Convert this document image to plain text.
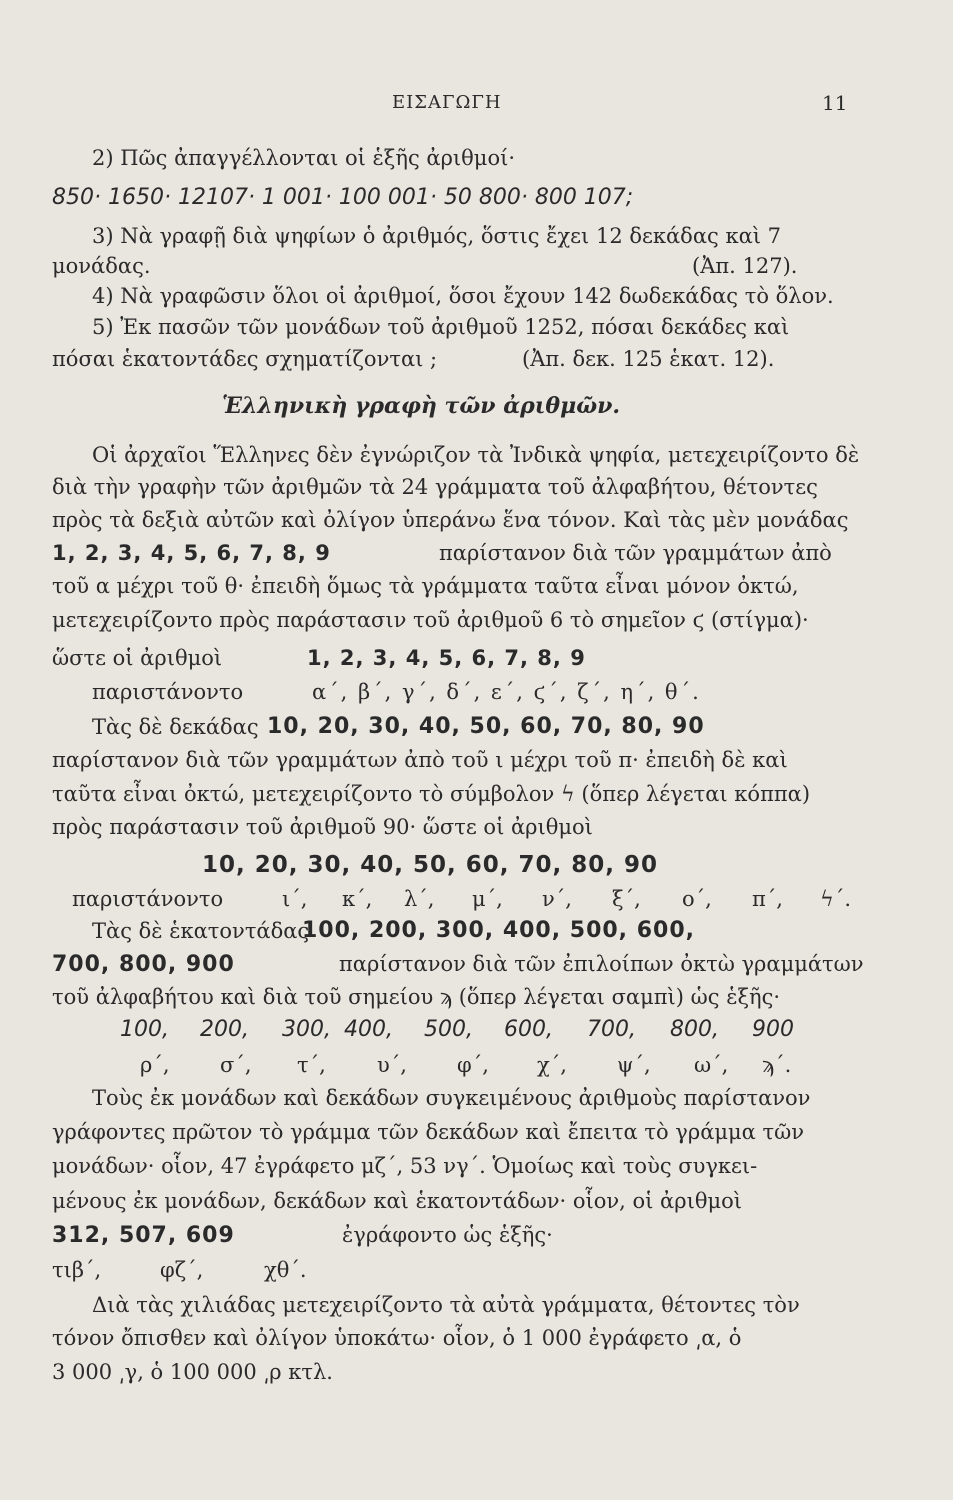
ΕΙΣΑΓΩΓΗ	11
2) Πῶς ἀπαγγέλλονται οἱ ἑξῆς ἀριθμοί·
850· 1650· 12107· 1 001· 100 001· 50 800· 800 107;
3) Νὰ γραφῇ διὰ ψηφίων ὁ ἀριθμός, ὅστις ἔχει 12 δεκάδας καὶ 7
μονάδας.	(Ἀπ. 127).
4) Νὰ γραφῶσιν ὅλοι οἱ ἀριθμοί, ὅσοι ἔχουν 142 δωδεκάδας τὸ ὅλον.
5) Ἐκ πασῶν τῶν μονάδων τοῦ ἀριθμοῦ 1252, πόσαι δεκάδες καὶ
πόσαι ἑκατοντάδες σχηματίζονται ;	(Ἀπ. δεκ. 125 ἑκατ. 12).
Ἑλληνικὴ γραφὴ τῶν ἀριθμῶν.
Οἱ ἀρχαῖοι Ἕλληνες δὲν ἐγνώριζον τὰ Ἰνδικὰ ψηφία, μετεχειρίζοντο δὲ
διὰ τὴν γραφὴν τῶν ἀριθμῶν τὰ 24 γράμματα τοῦ ἀλφαβήτου, θέτοντες
πρὸς τὰ δεξιὰ αὐτῶν καὶ ὀλίγον ὑπεράνω ἕνα τόνον. Καὶ τὰς μὲν μονάδας
1, 2, 3, 4, 5, 6, 7, 8, 9	παρίστανον διὰ τῶν γραμμάτων ἀπὸ
τοῦ α μέχρι τοῦ θ· ἐπειδὴ ὅμως τὰ γράμματα ταῦτα εἶναι μόνον ὀκτώ,
μετεχειρίζοντο πρὸς παράστασιν τοῦ ἀριθμοῦ 6 τὸ σημεῖον ϛ (στίγμα)·
ὥστε οἱ ἀριθμοὶ	1, 2, 3, 4, 5, 6, 7, 8, 9
παριστάνοντο	α΄, β΄, γ΄, δ΄, ε΄, ϛ΄, ζ΄, η΄, θ΄.
Τὰς δὲ δεκάδας 10, 20, 30, 40, 50, 60, 70, 80, 90
παρίστανον διὰ τῶν γραμμάτων ἀπὸ τοῦ ι μέχρι τοῦ π· ἐπειδὴ δὲ καὶ
ταῦτα εἶναι ὀκτώ, μετεχειρίζοντο τὸ σύμβολον ϟ (ὅπερ λέγεται κόππα)
πρὸς παράστασιν τοῦ ἀριθμοῦ 90· ὥστε οἱ ἀριθμοὶ
10, 20, 30, 40, 50, 60, 70, 80, 90
παριστάνοντο	ι΄, κ΄, λ΄, μ΄, ν΄, ξ΄, ο΄, π΄, ϟ΄.
Τὰς δὲ ἑκατοντάδας
100, 200, 300, 400, 500, 600,
700, 800, 900	παρίστανον διὰ τῶν ἐπιλοίπων ὀκτὼ γραμμάτων
τοῦ ἀλφαβήτου καὶ διὰ τοῦ σημείου ϡ (ὅπερ λέγεται σαμπὶ) ὡς ἑξῆς·
100, 200, 300, 400, 500, 600, 700, 800, 900
ρ΄, σ΄, τ΄, υ΄, φ΄, χ΄, ψ΄, ω΄, ϡ΄.
Τοὺς ἐκ μονάδων καὶ δεκάδων συγκειμένους ἀριθμοὺς παρίστανον
γράφοντες πρῶτον τὸ γράμμα τῶν δεκάδων καὶ ἔπειτα τὸ γράμμα τῶν
μονάδων· οἷον, 47 ἐγράφετο μζ΄, 53 νγ΄. Ὁμοίως καὶ τοὺς συγκει-
μένους ἐκ μονάδων, δεκάδων καὶ ἑκατοντάδων· οἷον, οἱ ἀριθμοὶ
312, 507, 609	ἐγράφοντο ὡς ἑξῆς·
τιβ΄,	φζ΄,	χθ΄.
Διὰ τὰς χιλιάδας μετεχειρίζοντο τὰ αὐτὰ γράμματα, θέτοντες τὸν
τόνον ὄπισθεν καὶ ὀλίγον ὑποκάτω· οἷον, ὁ 1 000 ἐγράφετο ͵α, ὁ
3 000 ͵γ, ὁ 100 000 ͵ρ κτλ.
